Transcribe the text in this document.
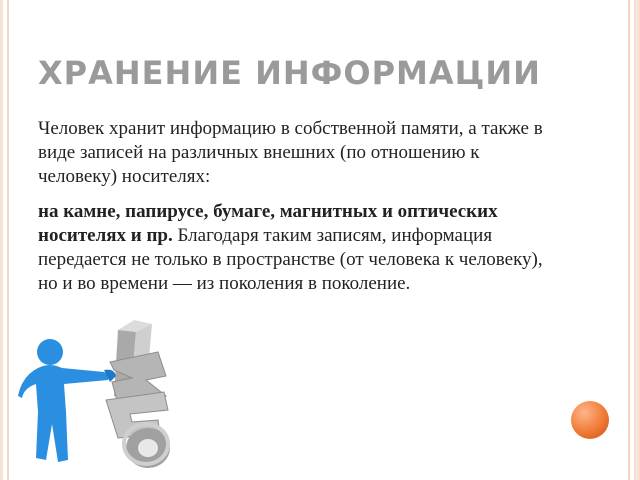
ХРАНЕНИЕ ИНФОРМАЦИИ

Человек хранит информацию в собственной памяти, а также в виде записей на различных внешних (по отношению к человеку) носителях:

на камне, папирусе, бумаге, магнитных и оптических носителях и пр. Благодаря таким записям, информация передается не только в пространстве (от человека к человеку), но и во времени — из поколения в поколение.
